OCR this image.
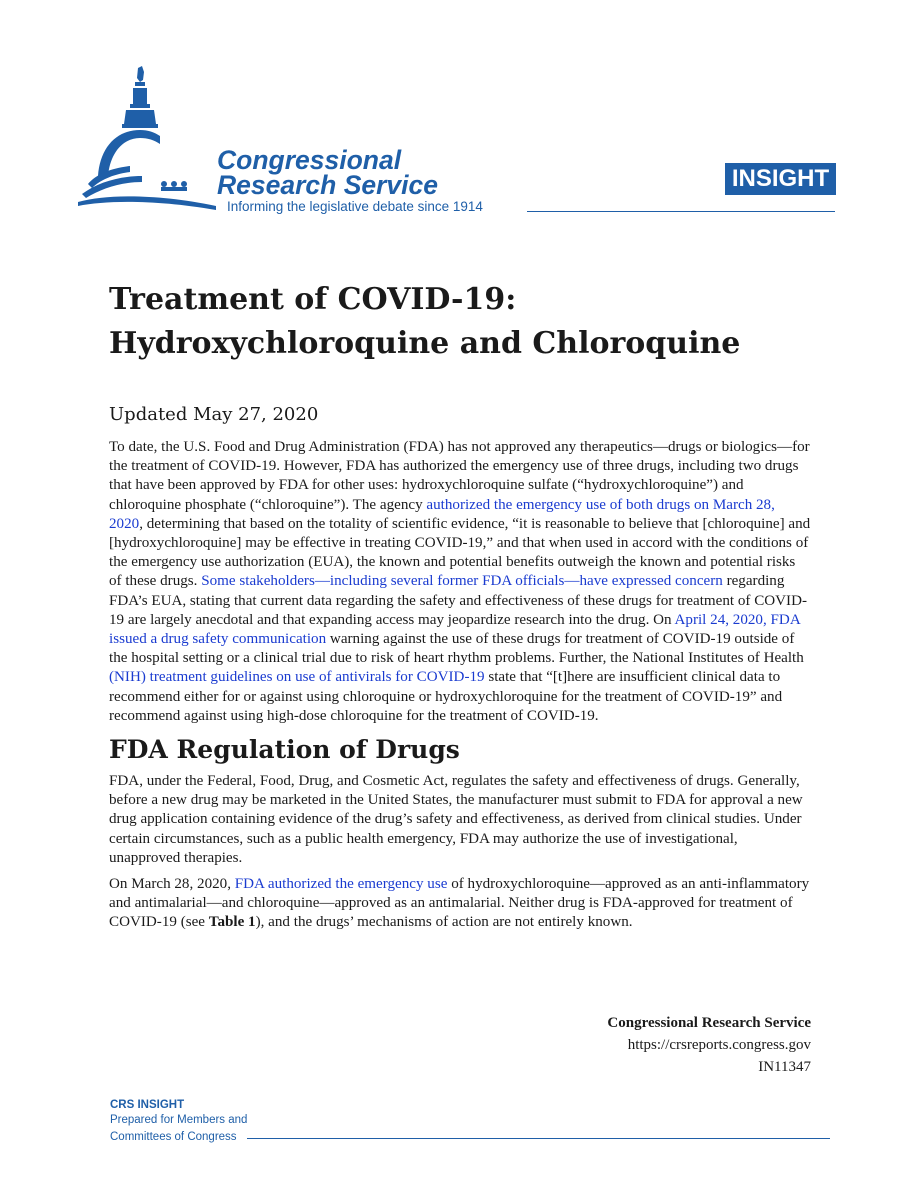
Congressional
Research Service

Informing the legislative debate since 1914

INSIGHT
Treatment of COVID-19: Hydroxychloroquine and Chloroquine

Updated May 27, 2020

To date, the U.S. Food and Drug Administration (FDA) has not approved any therapeutics—drugs or biologics—for the treatment of COVID-19. However, FDA has authorized the emergency use of three drugs, including two drugs that have been approved by FDA for other uses: hydroxychloroquine sulfate (“hydroxychloroquine”) and chloroquine phosphate (“chloroquine”). The agency authorized the emergency use of both drugs on March 28, 2020, determining that based on the totality of scientific evidence, “it is reasonable to believe that [chloroquine] and [hydroxychloroquine] may be effective in treating COVID-19,” and that when used in accord with the conditions of the emergency use authorization (EUA), the known and potential benefits outweigh the known and potential risks of these drugs. Some stakeholders—including several former FDA officials—have expressed concern regarding FDA’s EUA, stating that current data regarding the safety and effectiveness of these drugs for treatment of COVID-19 are largely anecdotal and that expanding access may jeopardize research into the drug. On April 24, 2020, FDA issued a drug safety communication warning against the use of these drugs for treatment of COVID-19 outside of the hospital setting or a clinical trial due to risk of heart rhythm problems. Further, the National Institutes of Health (NIH) treatment guidelines on use of antivirals for COVID-19 state that “[t]here are insufficient clinical data to recommend either for or against using chloroquine or hydroxychloroquine for the treatment of COVID-19” and recommend against using high-dose chloroquine for the treatment of COVID-19.

FDA Regulation of Drugs

FDA, under the Federal, Food, Drug, and Cosmetic Act, regulates the safety and effectiveness of drugs. Generally, before a new drug may be marketed in the United States, the manufacturer must submit to FDA for approval a new drug application containing evidence of the drug’s safety and effectiveness, as derived from clinical studies. Under certain circumstances, such as a public health emergency, FDA may authorize the use of investigational, unapproved therapies.

On March 28, 2020, FDA authorized the emergency use of hydroxychloroquine—approved as an anti-inflammatory and antimalarial—and chloroquine—approved as an antimalarial. Neither drug is FDA-approved for treatment of COVID-19 (see Table 1), and the drugs’ mechanisms of action are not entirely known.

Congressional Research Service
https://crsreports.congress.gov
IN11347

CRS INSIGHT

Prepared for Members and

Committees of Congress
